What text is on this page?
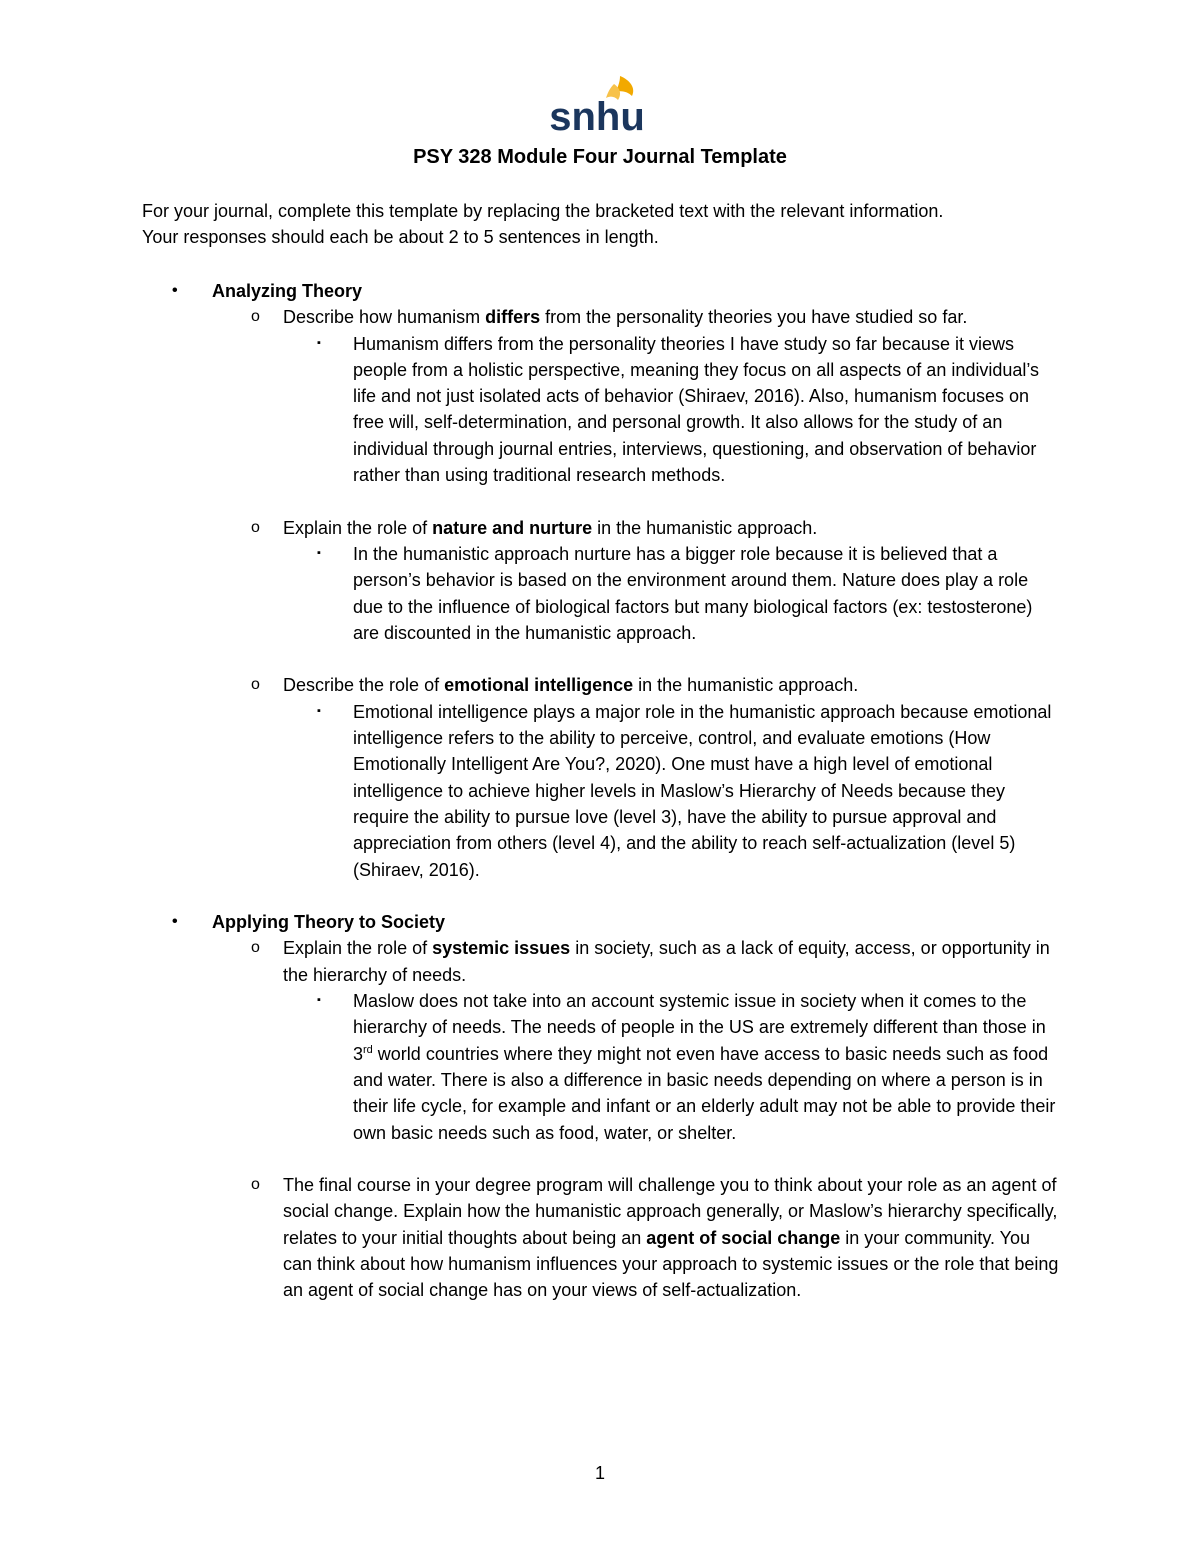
snhu
PSY 328 Module Four Journal Template

For your journal, complete this template by replacing the bracketed text with the relevant information.

Your responses should each be about 2 to 5 sentences in length.

• Analyzing Theory
o Describe how humanism differs from the personality theories you have studied so far.
▪ Humanism differs from the personality theories I have study so far because it views people from a holistic perspective, meaning they focus on all aspects of an individual’s life and not just isolated acts of behavior (Shiraev, 2016). Also, humanism focuses on free will, self-determination, and personal growth. It also allows for the study of an individual through journal entries, interviews, questioning, and observation of behavior rather than using traditional research methods.
o Explain the role of nature and nurture in the humanistic approach.
▪ In the humanistic approach nurture has a bigger role because it is believed that a person’s behavior is based on the environment around them. Nature does play a role due to the influence of biological factors but many biological factors (ex: testosterone) are discounted in the humanistic approach.
o Describe the role of emotional intelligence in the humanistic approach.
▪ Emotional intelligence plays a major role in the humanistic approach because emotional intelligence refers to the ability to perceive, control, and evaluate emotions (How Emotionally Intelligent Are You?, 2020). One must have a high level of emotional intelligence to achieve higher levels in Maslow’s Hierarchy of Needs because they require the ability to pursue love (level 3), have the ability to pursue approval and appreciation from others (level 4), and the ability to reach self-actualization (level 5) (Shiraev, 2016).
• Applying Theory to Society
o Explain the role of systemic issues in society, such as a lack of equity, access, or opportunity in the hierarchy of needs.
▪ Maslow does not take into an account systemic issue in society when it comes to the hierarchy of needs. The needs of people in the US are extremely different than those in 3rd world countries where they might not even have access to basic needs such as food and water. There is also a difference in basic needs depending on where a person is in their life cycle, for example and infant or an elderly adult may not be able to provide their own basic needs such as food, water, or shelter.
o The final course in your degree program will challenge you to think about your role as an agent of social change. Explain how the humanistic approach generally, or Maslow’s hierarchy specifically, relates to your initial thoughts about being an agent of social change in your community. You can think about how humanism influences your approach to systemic issues or the role that being an agent of social change has on your views of self-actualization.
1
